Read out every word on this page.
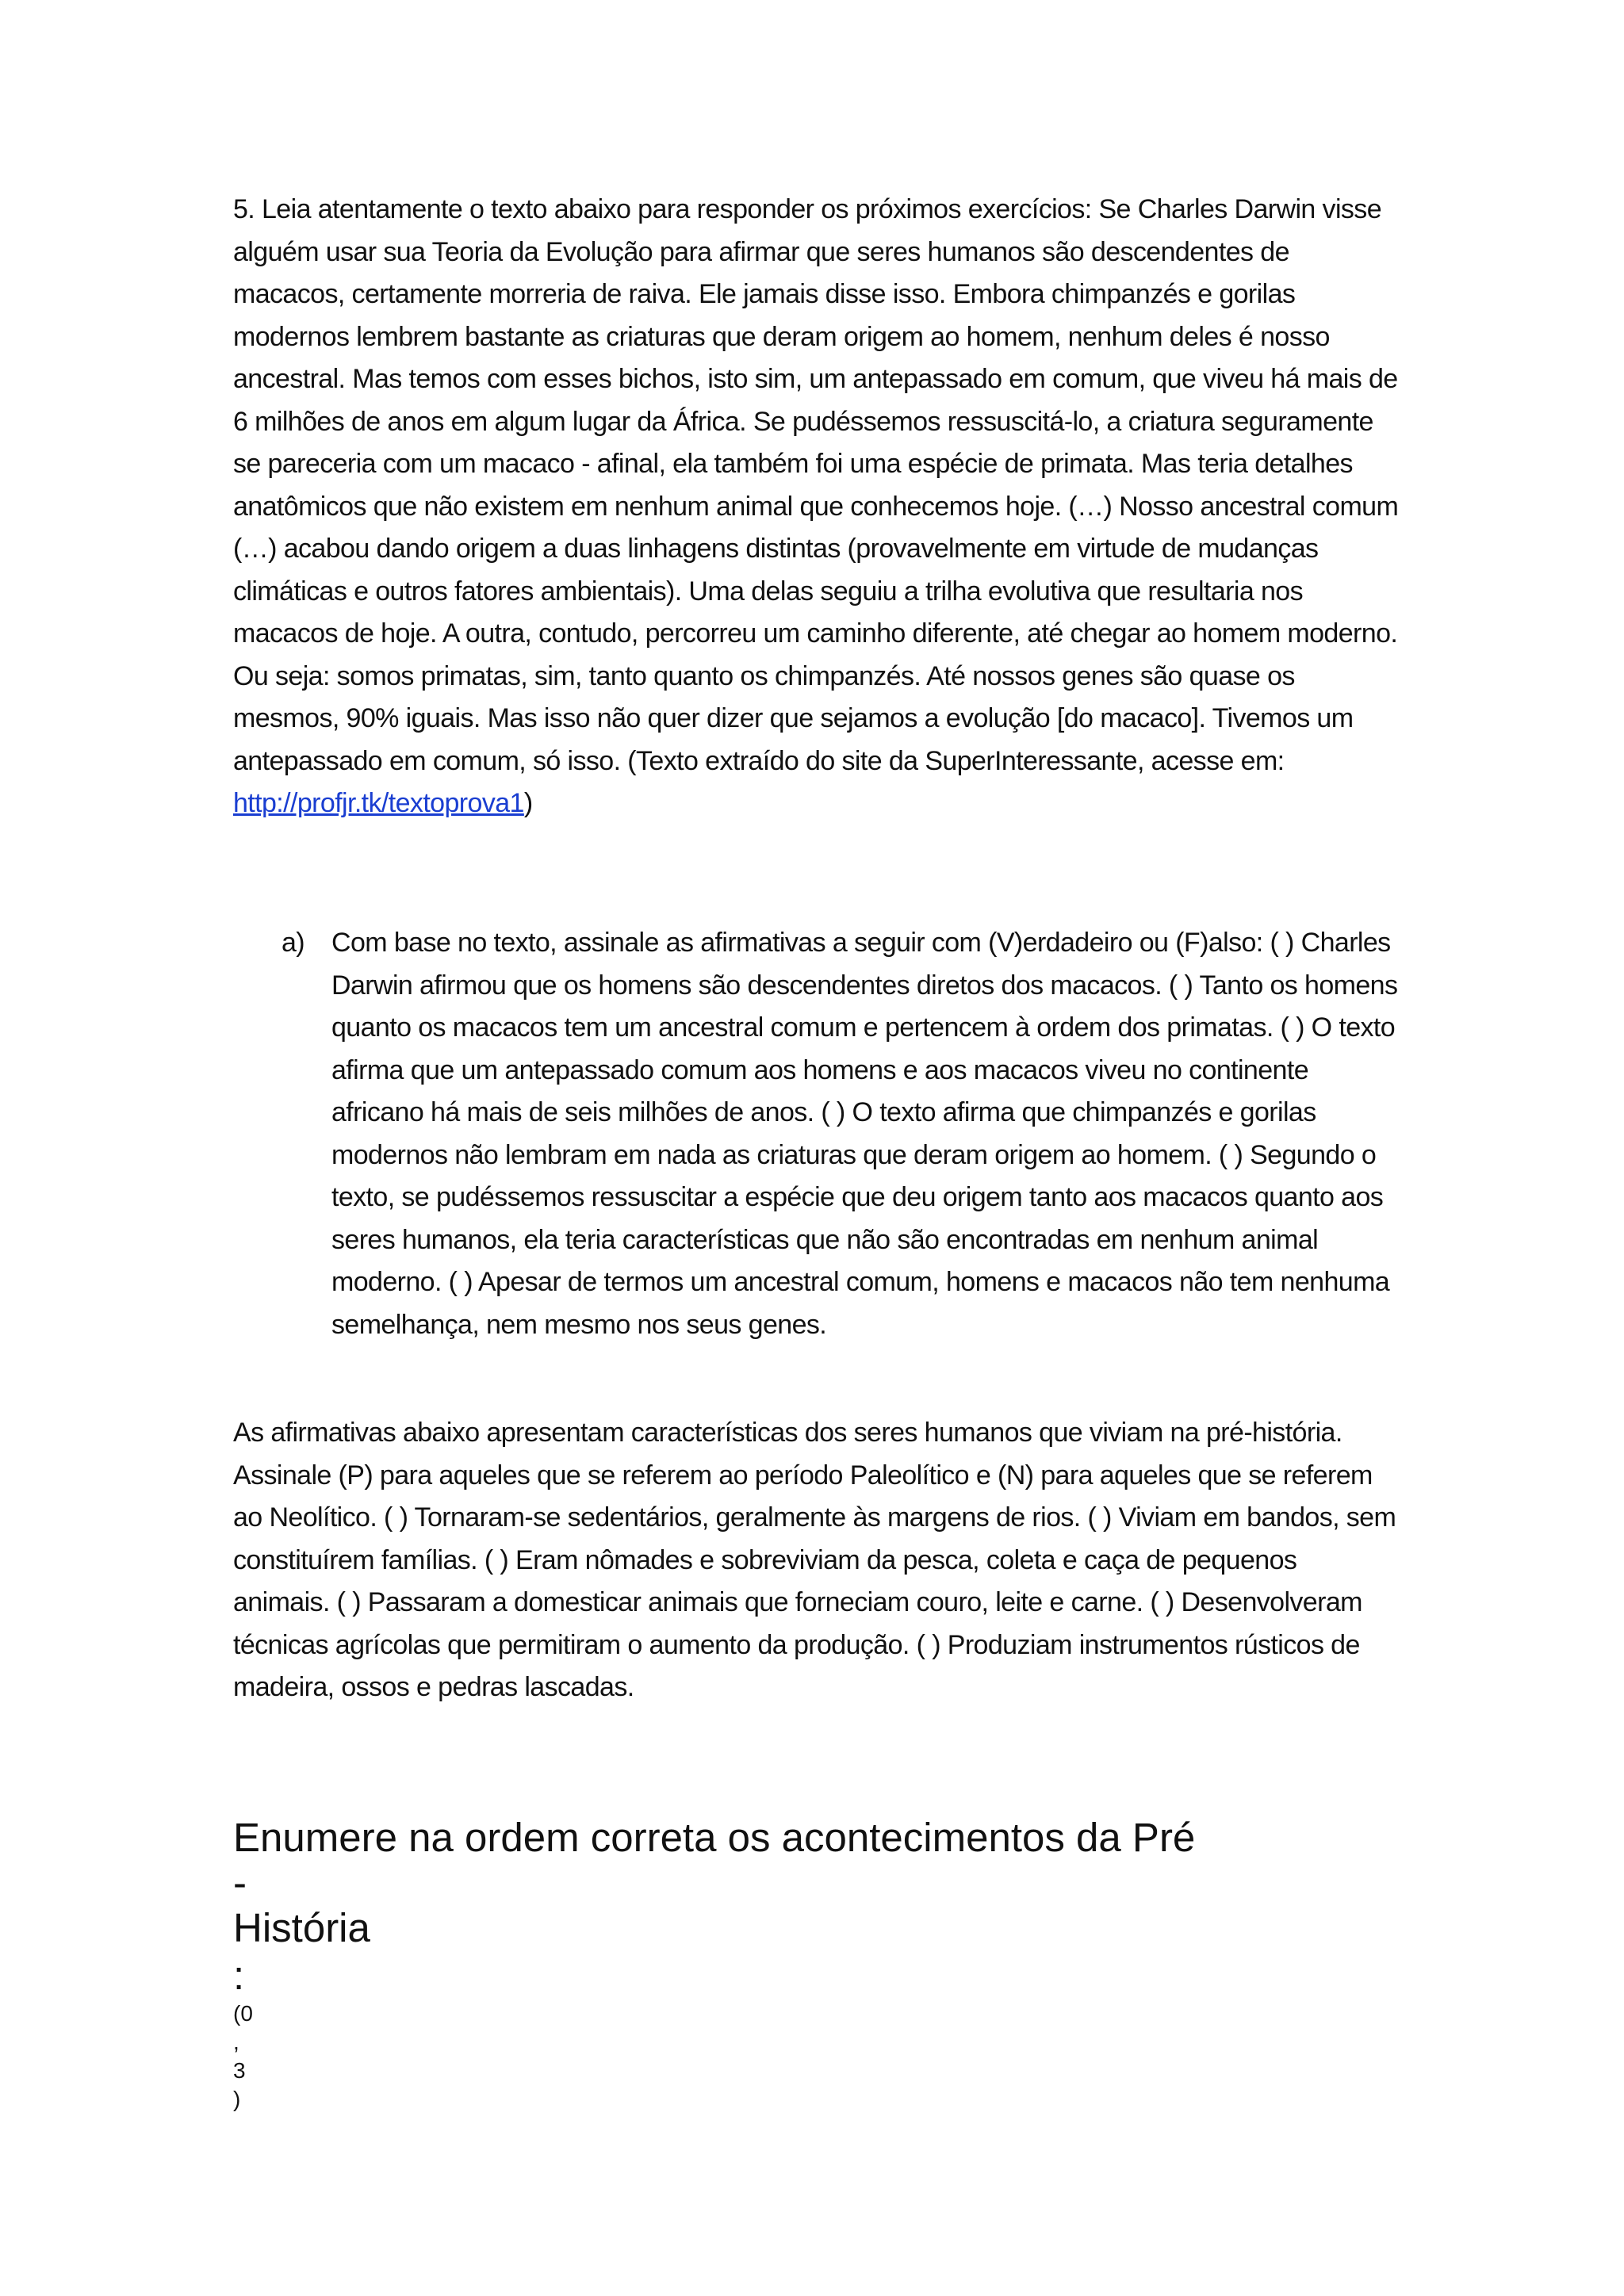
5. Leia atentamente o texto abaixo para responder os próximos exercícios: Se Charles Darwin visse alguém usar sua Teoria da Evolução para afirmar que seres humanos são descendentes de macacos, certamente morreria de raiva. Ele jamais disse isso. Embora chimpanzés e gorilas modernos lembrem bastante as criaturas que deram origem ao homem, nenhum deles é nosso ancestral. Mas temos com esses bichos, isto sim, um antepassado em comum, que viveu há mais de 6 milhões de anos em algum lugar da África. Se pudéssemos ressuscitá-lo, a criatura seguramente se pareceria com um macaco - afinal, ela também foi uma espécie de primata. Mas teria detalhes anatômicos que não existem em nenhum animal que conhecemos hoje. (…) Nosso ancestral comum (…) acabou dando origem a duas linhagens distintas (provavelmente em virtude de mudanças climáticas e outros fatores ambientais). Uma delas seguiu a trilha evolutiva que resultaria nos macacos de hoje. A outra, contudo, percorreu um caminho diferente, até chegar ao homem moderno. Ou seja: somos primatas, sim, tanto quanto os chimpanzés. Até nossos genes são quase os mesmos, 90% iguais. Mas isso não quer dizer que sejamos a evolução [do macaco]. Tivemos um antepassado em comum, só isso. (Texto extraído do site da SuperInteressante, acesse em: http://profjr.tk/textoprova1)

a) Com base no texto, assinale as afirmativas a seguir com (V)erdadeiro ou (F)also: ( ) Charles Darwin afirmou que os homens são descendentes diretos dos macacos. ( ) Tanto os homens quanto os macacos tem um ancestral comum e pertencem à ordem dos primatas. ( ) O texto afirma que um antepassado comum aos homens e aos macacos viveu no continente africano há mais de seis milhões de anos. ( ) O texto afirma que chimpanzés e gorilas modernos não lembram em nada as criaturas que deram origem ao homem. ( ) Segundo o texto, se pudéssemos ressuscitar a espécie que deu origem tanto aos macacos quanto aos seres humanos, ela teria características que não são encontradas em nenhum animal moderno. ( ) Apesar de termos um ancestral comum, homens e macacos não tem nenhuma semelhança, nem mesmo nos seus genes.

As afirmativas abaixo apresentam características dos seres humanos que viviam na pré-história. Assinale (P) para aqueles que se referem ao período Paleolítico e (N) para aqueles que se referem ao Neolítico. ( ) Tornaram-se sedentários, geralmente às margens de rios. ( ) Viviam em bandos, sem constituírem famílias. ( ) Eram nômades e sobreviviam da pesca, coleta e caça de pequenos animais. ( ) Passaram a domesticar animais que forneciam couro, leite e carne. ( ) Desenvolveram técnicas agrícolas que permitiram o aumento da produção. ( ) Produziam instrumentos rústicos de madeira, ossos e pedras lascadas.

Enumere na ordem correta os acontecimentos da Pré
-
História
:

(0

,

3

)
